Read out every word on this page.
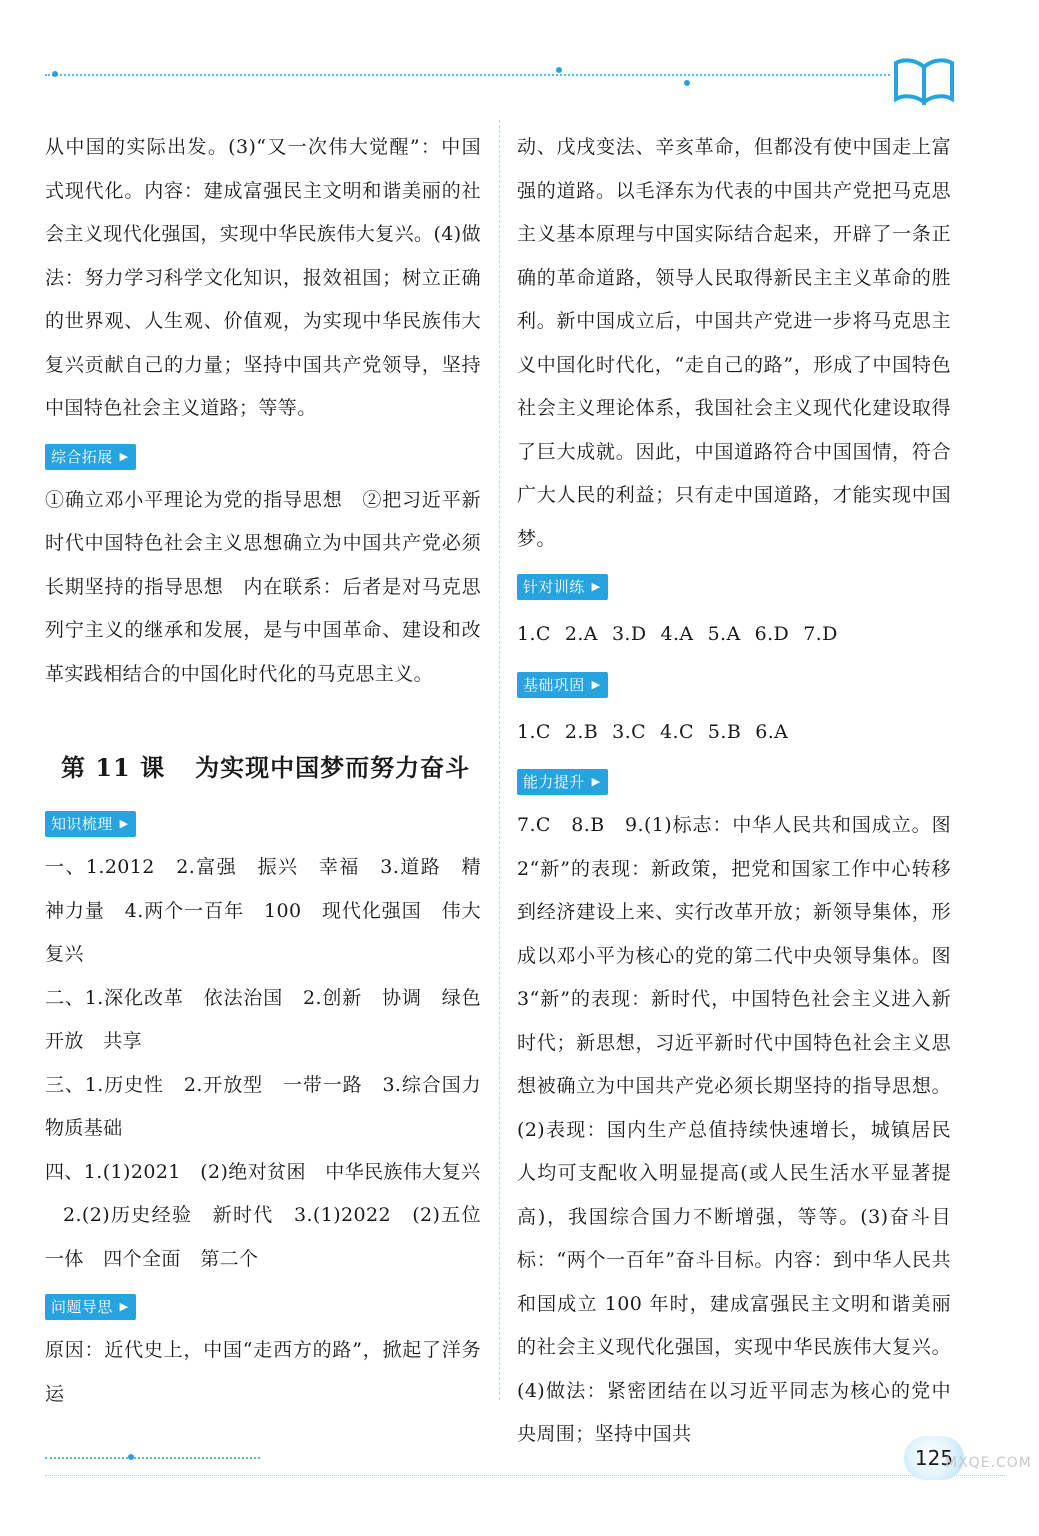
从中国的实际出发。(3)“又一次伟大觉醒”：中国式现代化。内容：建成富强民主文明和谐美丽的社会主义现代化强国，实现中华民族伟大复兴。(4)做法：努力学习科学文化知识，报效祖国；树立正确的世界观、人生观、价值观，为实现中华民族伟大复兴贡献自己的力量；坚持中国共产党领导，坚持中国特色社会主义道路；等等。

综合拓展 ▶

①确立邓小平理论为党的指导思想　②把习近平新时代中国特色社会主义思想确立为中国共产党必须长期坚持的指导思想　内在联系：后者是对马克思列宁主义的继承和发展，是与中国革命、建设和改革实践相结合的中国化时代化的马克思主义。

第 11 课 为实现中国梦而努力奋斗
知识梳理 ▶

一、1.2012　2.富强　振兴　幸福　3.道路　精神力量　4.两个一百年　100　现代化强国　伟大复兴

二、1.深化改革　依法治国　2.创新　协调　绿色开放　共享

三、1.历史性　2.开放型　一带一路　3.综合国力物质基础

四、1.(1)2021　(2)绝对贫困　中华民族伟大复兴

2.(2)历史经验　新时代　3.(1)2022　(2)五位一体　四个全面　第二个

问题导思 ▶

原因：近代史上，中国“走西方的路”，掀起了洋务运

动、戊戌变法、辛亥革命，但都没有使中国走上富强的道路。以毛泽东为代表的中国共产党把马克思主义基本原理与中国实际结合起来，开辟了一条正确的革命道路，领导人民取得新民主主义革命的胜利。新中国成立后，中国共产党进一步将马克思主义中国化时代化，“走自己的路”，形成了中国特色社会主义理论体系，我国社会主义现代化建设取得了巨大成就。因此，中国道路符合中国国情，符合广大人民的利益；只有走中国道路，才能实现中国梦。

针对训练 ▶
1.C 2.A 3.D 4.A 5.A 6.D 7.D
基础巩固 ▶
1.C 2.B 3.C 4.C 5.B 6.A
能力提升 ▶

7.C　8.B　9.(1)标志：中华人民共和国成立。图 2“新”的表现：新政策，把党和国家工作中心转移到经济建设上来、实行改革开放；新领导集体，形成以邓小平为核心的党的第二代中央领导集体。图 3“新”的表现：新时代，中国特色社会主义进入新时代；新思想，习近平新时代中国特色社会主义思想被确立为中国共产党必须长期坚持的指导思想。(2)表现：国内生产总值持续快速增长，城镇居民人均可支配收入明显提高(或人民生活水平显著提高)，我国综合国力不断增强，等等。(3)奋斗目标：“两个一百年”奋斗目标。内容：到中华人民共和国成立 100 年时，建成富强民主文明和谐美丽的社会主义现代化强国，实现中华民族伟大复兴。(4)做法：紧密团结在以习近平同志为核心的党中央周围；坚持中国共

125
MXQE.COM
